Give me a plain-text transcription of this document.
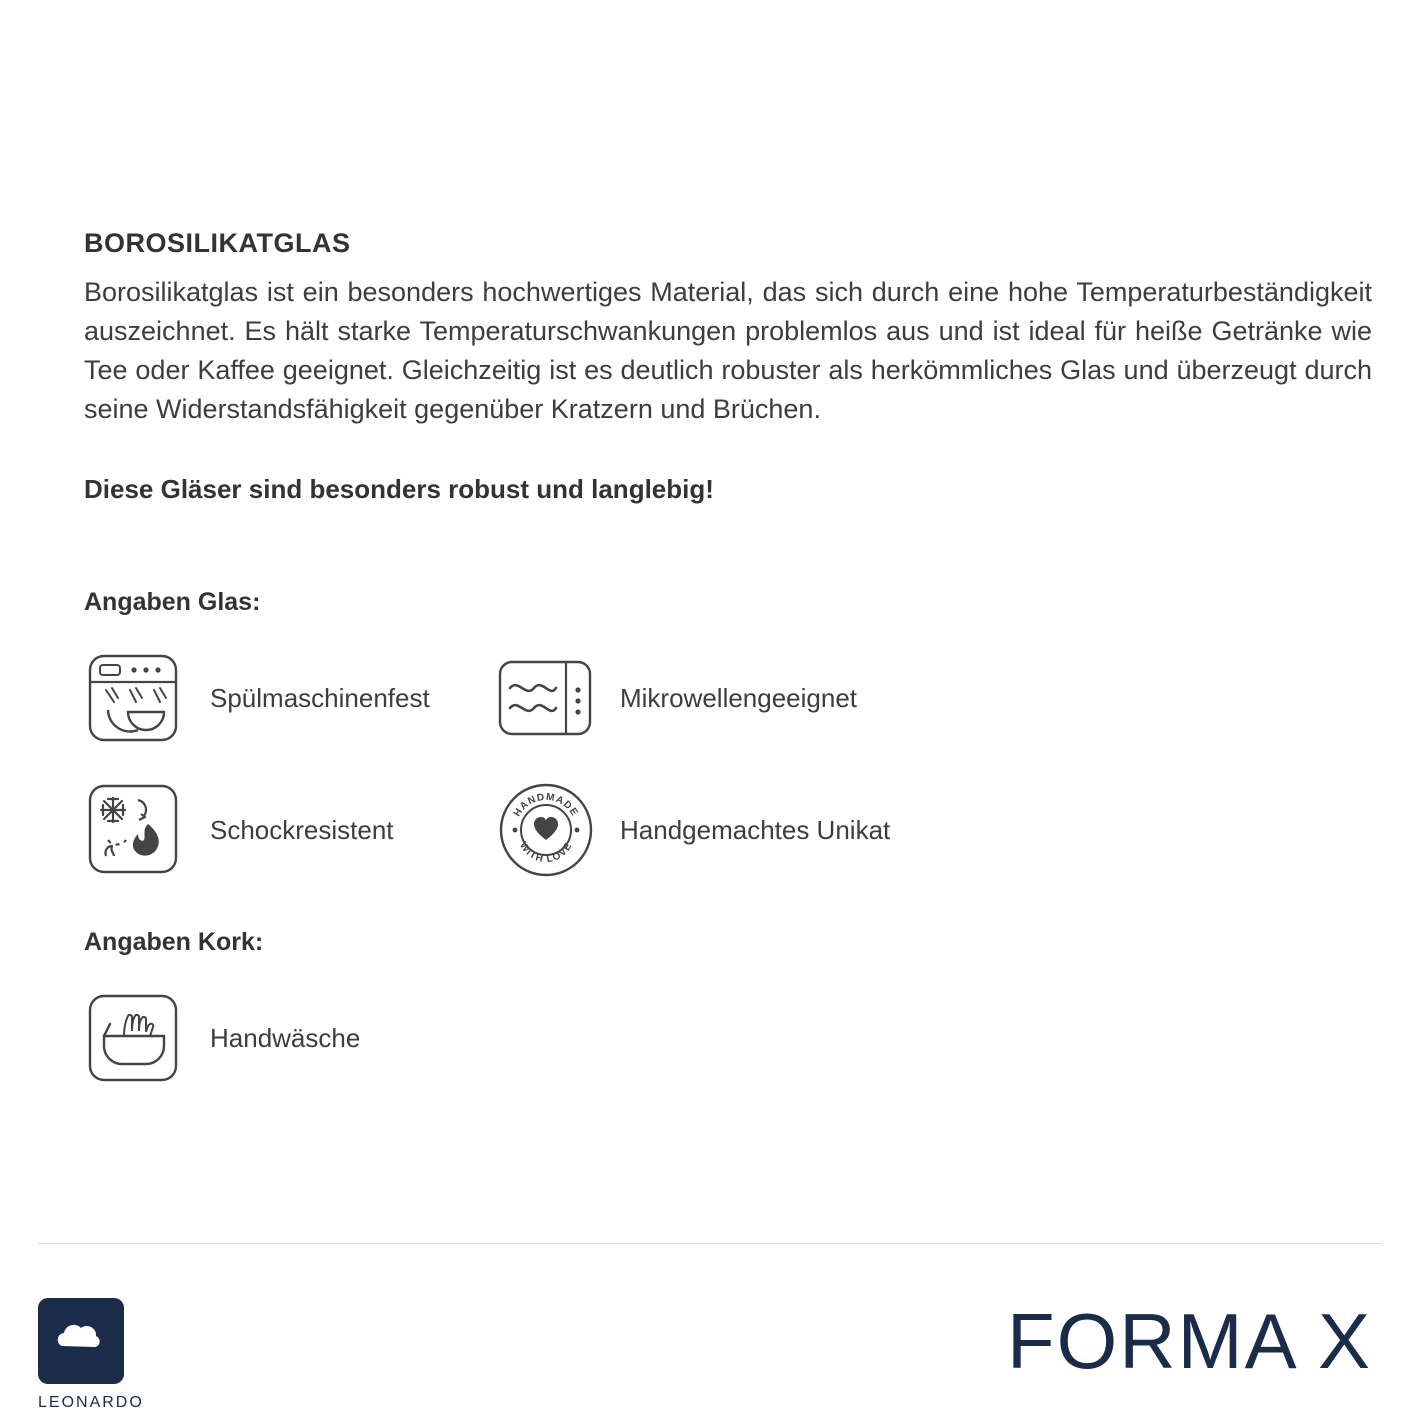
BOROSILIKATGLAS

Borosilikatglas ist ein besonders hochwertiges Material, das sich durch eine hohe Temperaturbeständigkeit auszeichnet. Es hält starke Temperaturschwankungen problemlos aus und ist ideal für heiße Getränke wie Tee oder Kaffee geeignet. Gleichzeitig ist es deutlich robuster als herkömmliches Glas und überzeugt durch seine Widerstandsfähigkeit gegenüber Kratzern und Brüchen.

Diese Gläser sind besonders robust und langlebig!

Angaben Glas:
Spülmaschinenfest	Mikrowellengeeignet
Schockresistent
HANDMADE
WITH LOVE
Handgemachtes Unikat
Angaben Kork:
Handwäsche
LEONARDO
FORMA X
